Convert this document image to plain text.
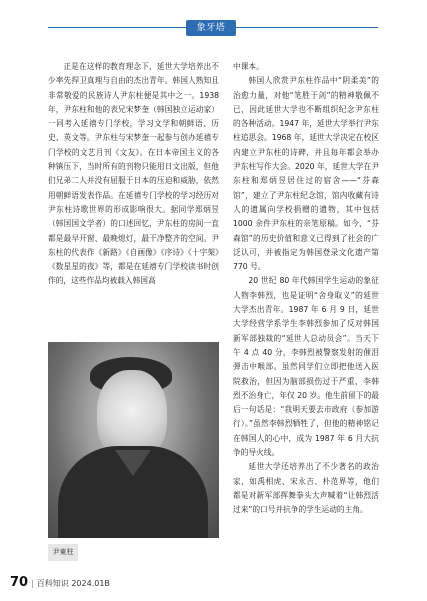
象牙塔

正是在这样的教育理念下，延世大学培养出不少率先捍卫真理与自由的杰出青年。韩国人熟知且非常敬爱的民族诗人尹东柱便是其中之一。1938 年，尹东柱和他的表兄宋梦奎（韩国独立运动家）一同考入延禧专门学校，学习文学和朝鲜语、历史、英文等。尹东柱与宋梦奎一起参与创办延禧专门学校的文艺月刊《文友》。在日本帝国主义的各种镇压下，当时所有的刊物只能用日文出版，但他们兄弟二人并没有屈服于日本的压迫和威胁，依然用朝鲜语发表作品。在延禧专门学校的学习经历对尹东柱诗歌世界的形成影响很大。据同学郑炳昱（韩国国文学者）的口述回忆，尹东柱的房间一直都是最早开窗、最晚熄灯，最干净整齐的空间。尹东柱的代表作《新路》《自画像》《序诗》《十字架》《数星星的夜》等，都是在延禧专门学校读书时创作的，这些作品均被载入韩国高

尹東柱

中课本。

韩国人欣赏尹东柱作品中“阴柔美”的治愈力量，对他“笔胜于剑”的精神敬佩不已，因此延世大学也不断组织纪念尹东柱的各种活动。1947 年，延世大学举行尹东柱追思会。1968 年，延世大学决定在校区内建立尹东柱的诗碑，并且每年都会举办尹东柱写作大会。2020 年，延世大学在尹东柱和郑炳昱居住过的宿舍——“芬森馆”，建立了尹东柱纪念馆，馆内收藏有诗人的遗属向学校捐赠的遗物，其中包括 1000 余件尹东柱的亲笔原稿。如今，“芬森馆”的历史价值和意义已得到了社会的广泛认可，并被指定为韩国登录文化遗产第770 号。

20 世纪 80 年代韩国学生运动的象征人物李韩烈，也是证明“舍身取义”的延世大学杰出青年。1987 年 6 月 9 日，延世大学经营学系学生李韩烈参加了反对韩国新军部独裁的“延世人总动员会”。当天下午 4 点 40 分，李韩烈被警察发射的催泪弹击中喉部。虽然同学们立即把他送入医院救治，但因为脑部损伤过于严重，李韩烈不治身亡，年仅 20 岁。他生前留下的最后一句话是：“我明天要去市政府（参加游行）。”虽然李韩烈牺牲了，但他的精神铭记在韩国人的心中，成为 1987 年 6 月大抗争的导火线。

延世大学还培养出了不少著名的政治家，如禹相虎、宋永吉、朴范界等，他们都是对新军部挥舞拳头大声喊着“让韩烈活过来”的口号并抗争的学生运动的主角。

70 | 百科知识 2024.01B
